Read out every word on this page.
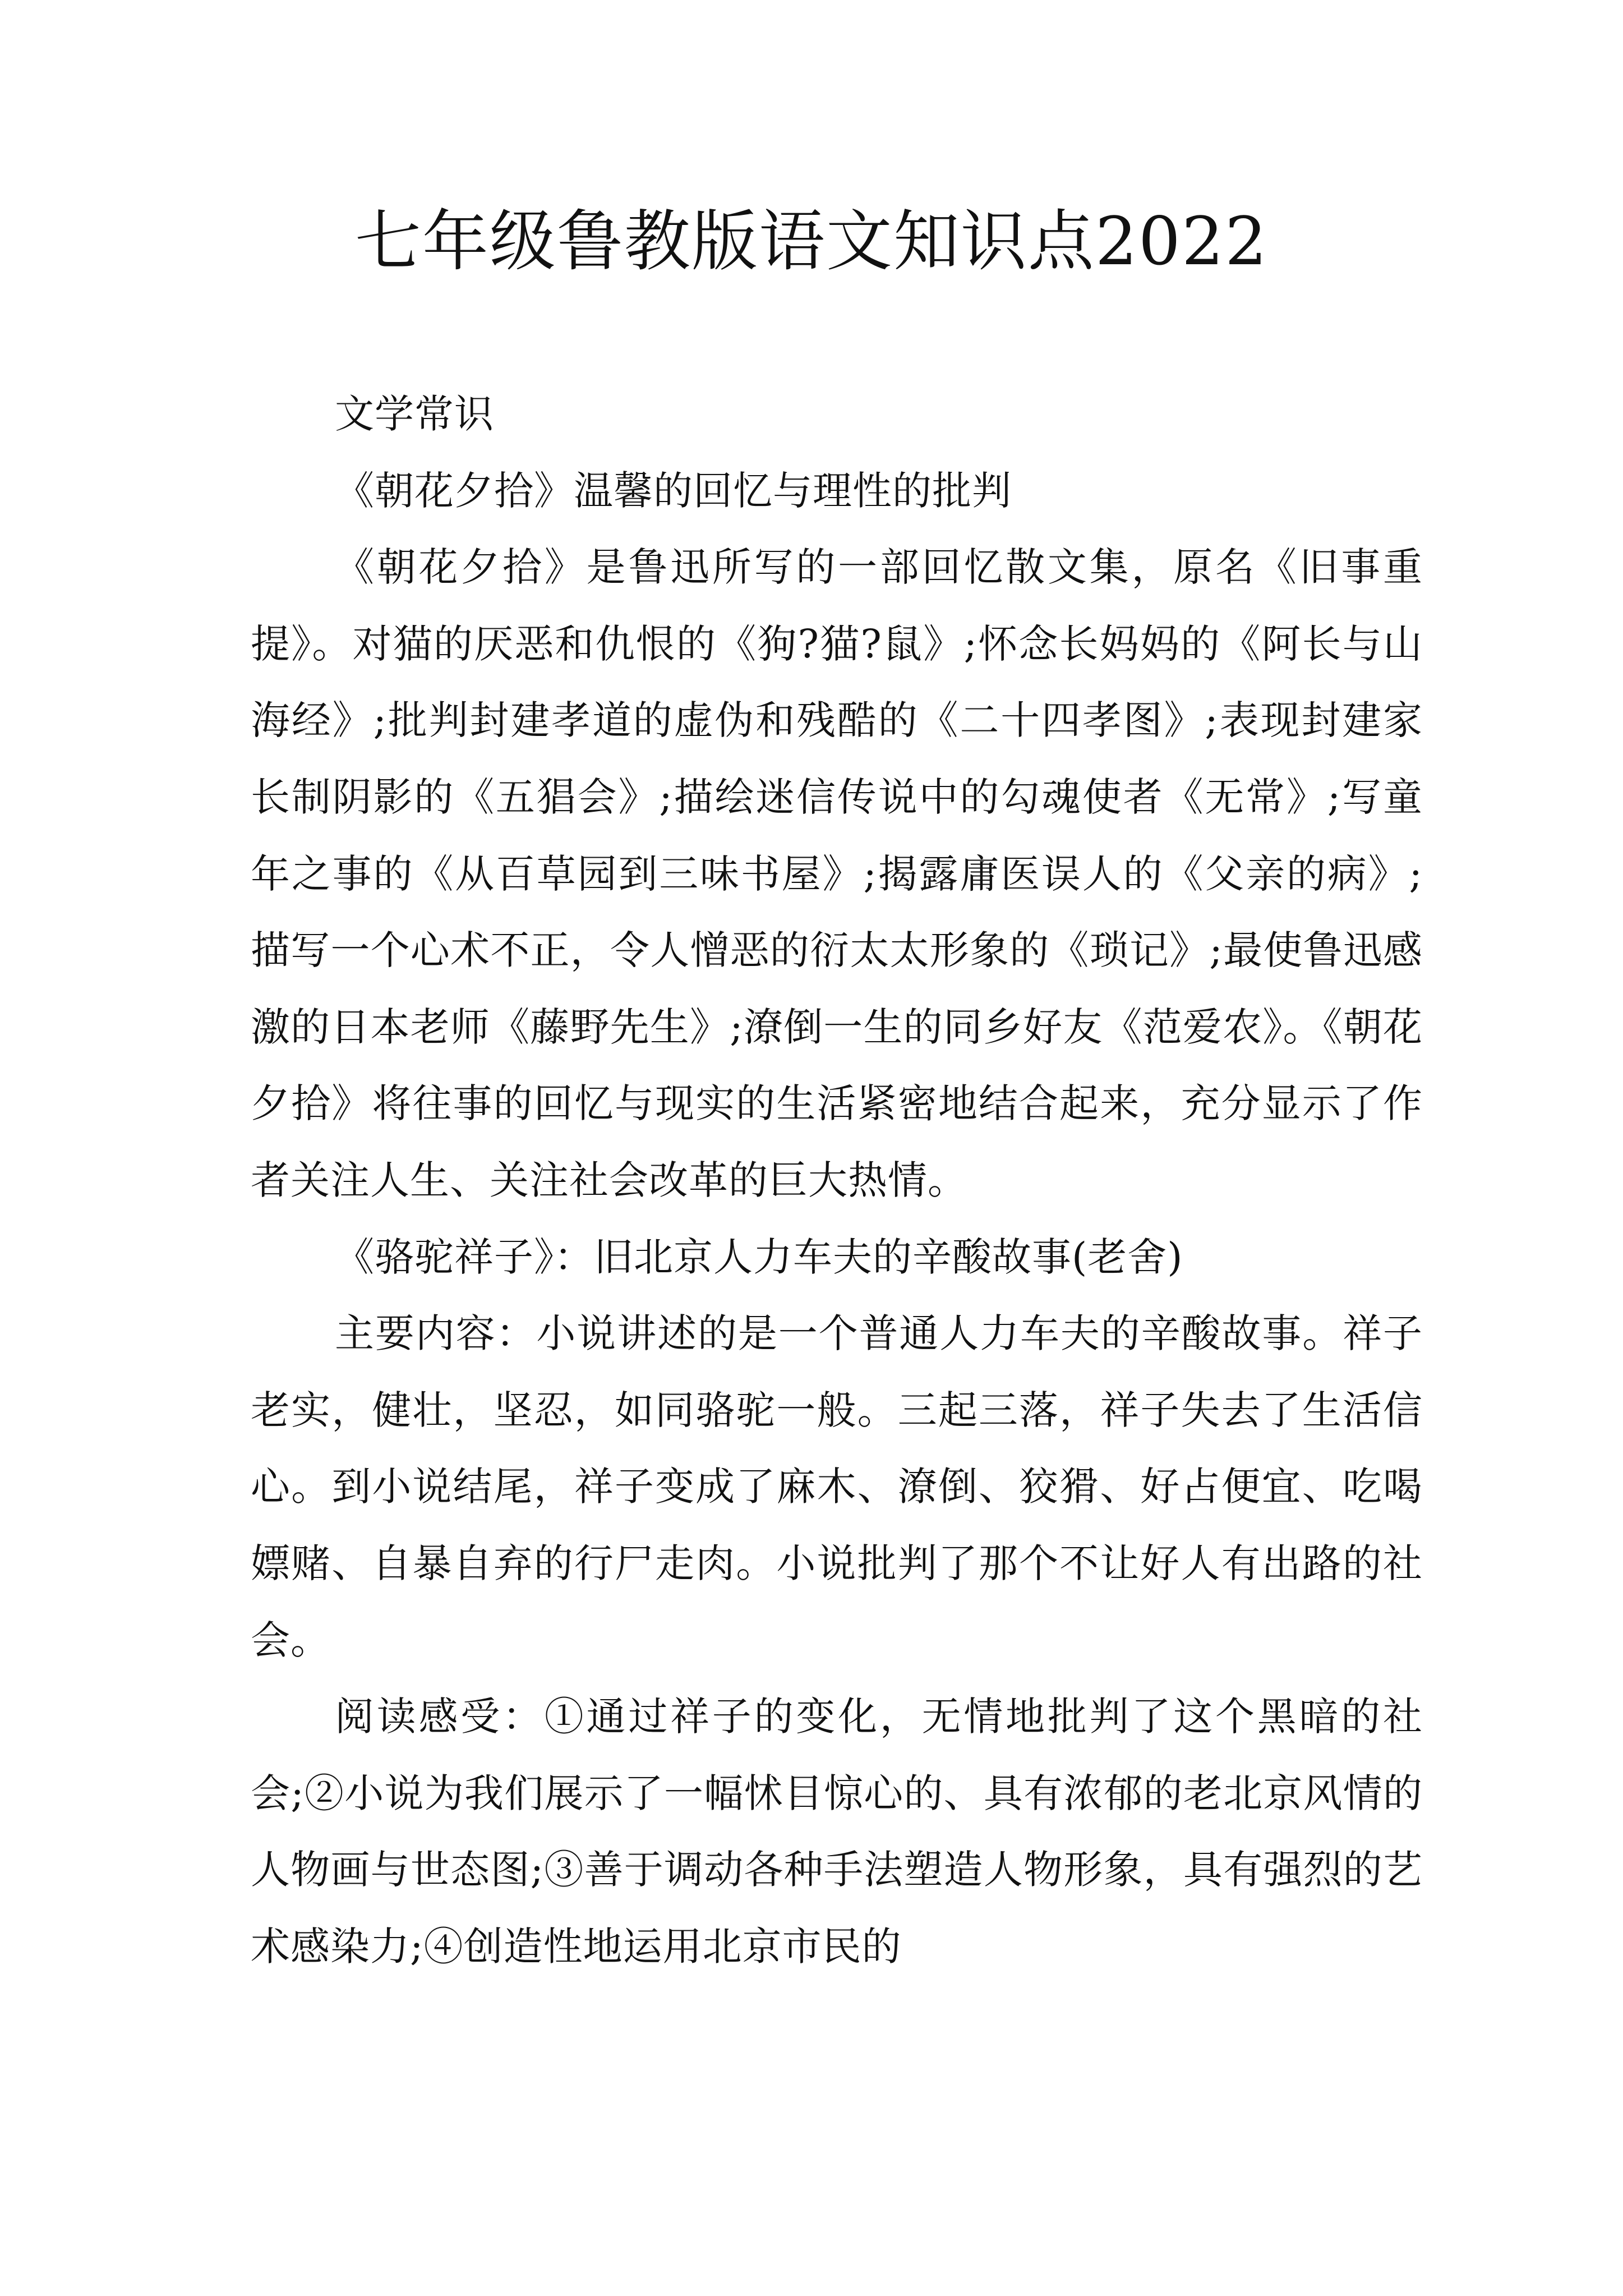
七年级鲁教版语文知识点2022

文学常识

《朝花夕拾》温馨的回忆与理性的批判

《朝花夕拾》是鲁迅所写的一部回忆散文集，原名《旧事重提》。对猫的厌恶和仇恨的《狗?猫?鼠》;怀念长妈妈的《阿长与山海经》;批判封建孝道的虚伪和残酷的《二十四孝图》;表现封建家长制阴影的《五猖会》;描绘迷信传说中的勾魂使者《无常》;写童年之事的《从百草园到三味书屋》;揭露庸医误人的《父亲的病》;描写一个心术不正，令人憎恶的衍太太形象的《琐记》;最使鲁迅感激的日本老师《藤野先生》;潦倒一生的同乡好友《范爱农》。《朝花夕拾》将往事的回忆与现实的生活紧密地结合起来，充分显示了作者关注人生、关注社会改革的巨大热情。

《骆驼祥子》：旧北京人力车夫的辛酸故事(老舍)

主要内容：小说讲述的是一个普通人力车夫的辛酸故事。祥子老实，健壮，坚忍，如同骆驼一般。三起三落，祥子失去了生活信心。到小说结尾，祥子变成了麻木、潦倒、狡猾、好占便宜、吃喝嫖赌、自暴自弃的行尸走肉。小说批判了那个不让好人有出路的社会。

阅读感受：①通过祥子的变化，无情地批判了这个黑暗的社会;②小说为我们展示了一幅怵目惊心的、具有浓郁的老北京风情的人物画与世态图;③善于调动各种手法塑造人物形象，具有强烈的艺术感染力;④创造性地运用北京市民的
